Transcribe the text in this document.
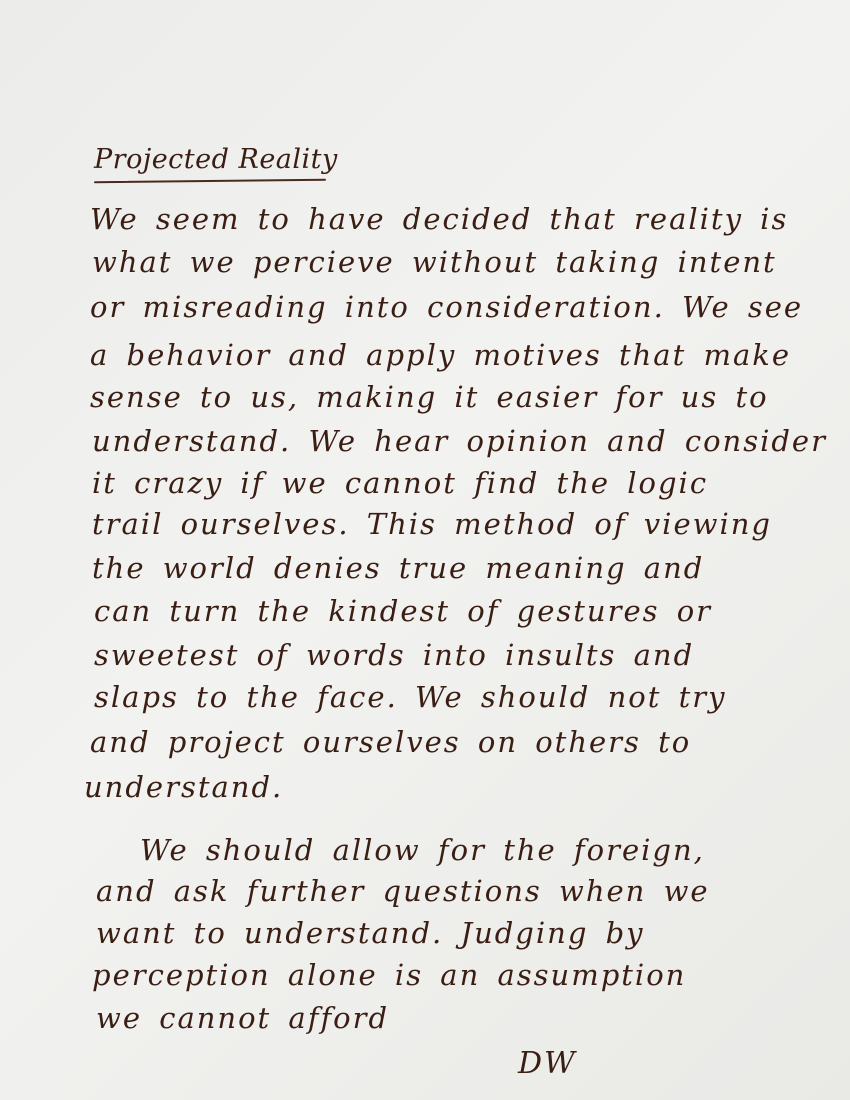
Projected Reality
We seem to have decided that reality is
what we percieve without taking intent
or misreading into consideration. We see
a behavior and apply motives that make
sense to us, making it easier for us to
understand. We hear opinion and consider
it crazy if we cannot find the logic
trail ourselves. This method of viewing
the world denies true meaning and
can turn the kindest of gestures or
sweetest of words into insults and
slaps to the face. We should not try
and project ourselves on others to
understand.
We should allow for the foreign,
and ask further questions when we
want to understand. Judging by
perception alone is an assumption
we cannot afford
DW
